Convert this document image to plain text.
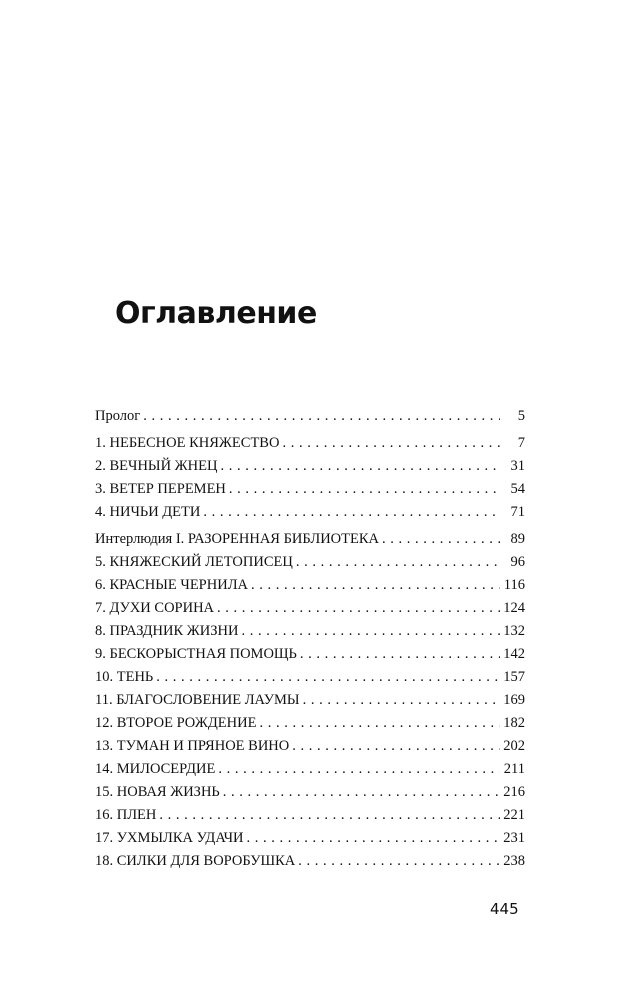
Оглавление
Пролог . . .	5
1. НЕБЕСНОЕ КНЯЖЕСТВО . . .	7
2. ВЕЧНЫЙ ЖНЕЦ . . .	31
3. ВЕТЕР ПЕРЕМЕН . . .	54
4. НИЧЬИ ДЕТИ . . .	71
Интерлюдия I. РАЗОРЕННАЯ БИБЛИОТЕКА . . .	89
5. КНЯЖЕСКИЙ ЛЕТОПИСЕЦ . . .	96
6. КРАСНЫЕ ЧЕРНИЛА . . .	116
7. ДУХИ СОРИНА . . .	124
8. ПРАЗДНИК ЖИЗНИ . . .	132
9. БЕСКОРЫСТНАЯ ПОМОЩЬ . . .	142
10. ТЕНЬ . . .	157
11. БЛАГОСЛОВЕНИЕ ЛАУМЫ . . .	169
12. ВТОРОЕ РОЖДЕНИЕ . . .	182
13. ТУМАН И ПРЯНОЕ ВИНО . . .	202
14. МИЛОСЕРДИЕ . . .	211
15. НОВАЯ ЖИЗНЬ . . .	216
16. ПЛЕН . . .	221
17. УХМЫЛКА УДАЧИ . . .	231
18. СИЛКИ ДЛЯ ВОРОБУШКА . . .	238
445
